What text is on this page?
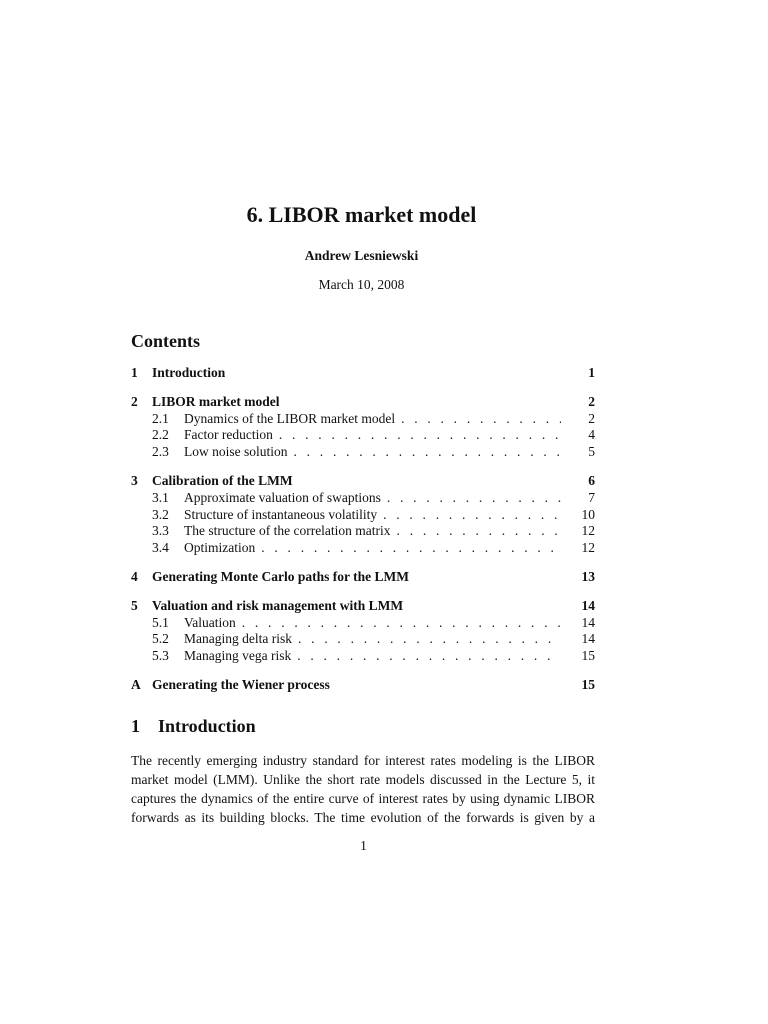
6. LIBOR market model
Andrew Lesniewski
March 10, 2008
Contents
1	Introduction	1
2	LIBOR market model	2
2.1	Dynamics of the LIBOR market model . . .	2
2.2	Factor reduction . . .	4
2.3	Low noise solution . . .	5
3	Calibration of the LMM	6
3.1	Approximate valuation of swaptions . . .	7
3.2	Structure of instantaneous volatility . . .	10
3.3	The structure of the correlation matrix . . .	12
3.4	Optimization . . .	12
4	Generating Monte Carlo paths for the LMM	13
5	Valuation and risk management with LMM	14
5.1	Valuation . . .	14
5.2	Managing delta risk . . .	14
5.3	Managing vega risk . . .	15
A Generating the Wiener process	15
1 Introduction
The recently emerging industry standard for interest rates modeling is the LIBOR
market model (LMM). Unlike the short rate models discussed in the Lecture 5, it
captures the dynamics of the entire curve of interest rates by using dynamic LIBOR
forwards as its building blocks. The time evolution of the forwards is given by a
1
